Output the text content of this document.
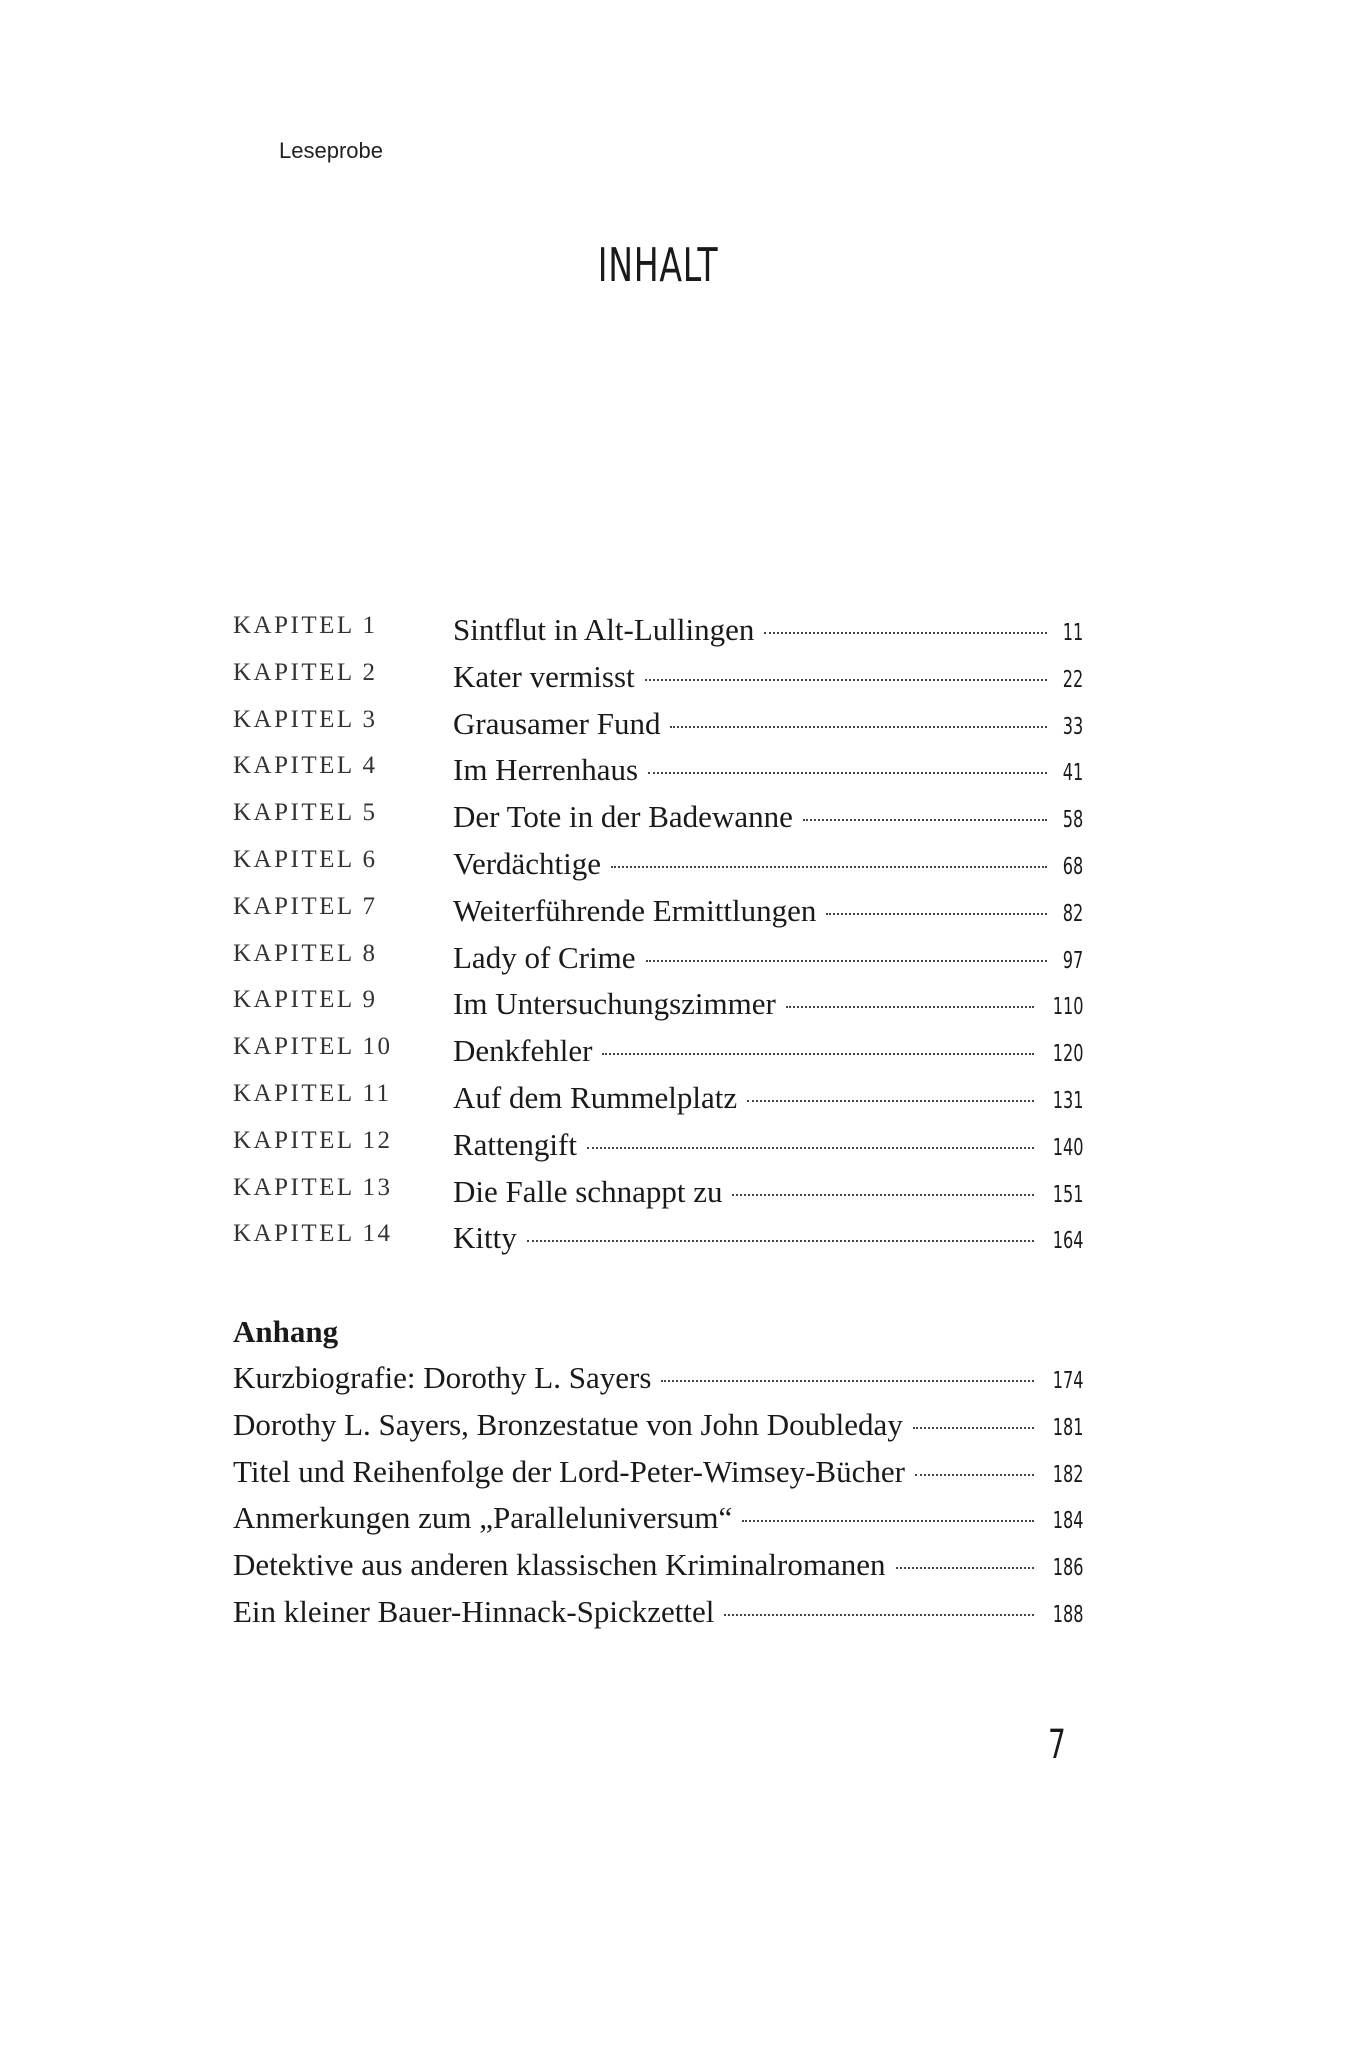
Leseprobe
INHALT
KAPITEL 1 Sintflut in Alt-Lullingen	11
KAPITEL 2 Kater vermisst	22
KAPITEL 3 Grausamer Fund	33
KAPITEL 4 Im Herrenhaus	41
KAPITEL 5 Der Tote in der Badewanne	58
KAPITEL 6 Verdächtige	68
KAPITEL 7 Weiterführende Ermittlungen	82
KAPITEL 8 Lady of Crime	97
KAPITEL 9 Im Untersuchungszimmer	110
KAPITEL 10 Denkfehler	120
KAPITEL 11 Auf dem Rummelplatz	131
KAPITEL 12 Rattengift	140
KAPITEL 13 Die Falle schnappt zu	151
KAPITEL 14 Kitty	164
Anhang
Kurzbiografie: Dorothy L. Sayers	174
Dorothy L. Sayers, Bronzestatue von John Doubleday	181
Titel und Reihenfolge der Lord-Peter-Wimsey-Bücher	182
Anmerkungen zum „Paralleluniversum“	184
Detektive aus anderen klassischen Kriminalromanen	186
Ein kleiner Bauer-Hinnack-Spickzettel	188
7
